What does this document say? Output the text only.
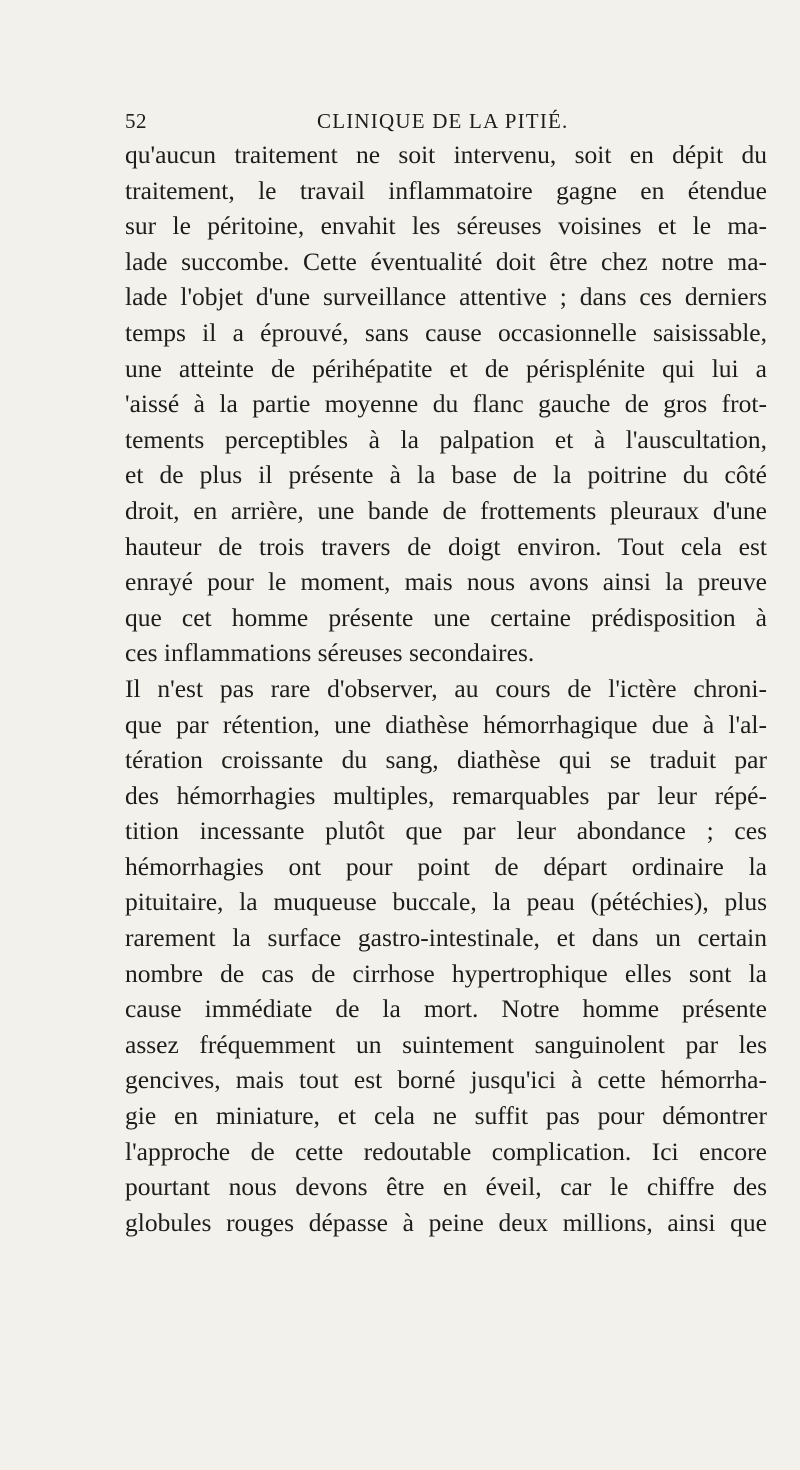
52	CLINIQUE DE LA PITIÉ.
qu'aucun traitement ne soit intervenu, soit en dépit du
traitement, le travail inflammatoire gagne en étendue
sur le péritoine, envahit les séreuses voisines et le ma-
lade succombe. Cette éventualité doit être chez notre ma-
lade l'objet d'une surveillance attentive ; dans ces derniers
temps il a éprouvé, sans cause occasionnelle saisissable,
une atteinte de périhépatite et de périsplénite qui lui a
'aissé à la partie moyenne du flanc gauche de gros frot-
tements perceptibles à la palpation et à l'auscultation,
et de plus il présente à la base de la poitrine du côté
droit, en arrière, une bande de frottements pleuraux d'une
hauteur de trois travers de doigt environ. Tout cela est
enrayé pour le moment, mais nous avons ainsi la preuve
que cet homme présente une certaine prédisposition à
ces inflammations séreuses secondaires.
Il n'est pas rare d'observer, au cours de l'ictère chroni-
que par rétention, une diathèse hémorrhagique due à l'al-
tération croissante du sang, diathèse qui se traduit par
des hémorrhagies multiples, remarquables par leur répé-
tition incessante plutôt que par leur abondance ; ces
hémorrhagies ont pour point de départ ordinaire la
pituitaire, la muqueuse buccale, la peau (pétéchies), plus
rarement la surface gastro-intestinale, et dans un certain
nombre de cas de cirrhose hypertrophique elles sont la
cause immédiate de la mort. Notre homme présente
assez fréquemment un suintement sanguinolent par les
gencives, mais tout est borné jusqu'ici à cette hémorrha-
gie en miniature, et cela ne suffit pas pour démontrer
l'approche de cette redoutable complication. Ici encore
pourtant nous devons être en éveil, car le chiffre des
globules rouges dépasse à peine deux millions, ainsi que
